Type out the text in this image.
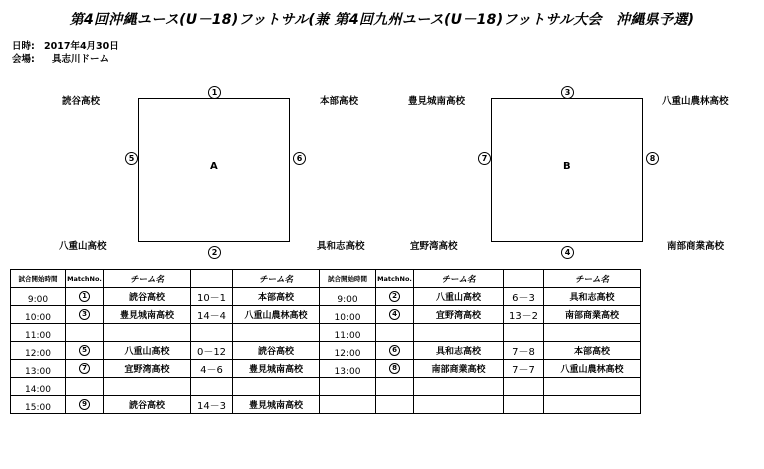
第4回沖縄ユース(U－18)フットサル(兼 第4回九州ユース(U－18)フットサル大会　沖縄県予選)
日時: 2017年4月30日
会場: 具志川ドーム
読谷高校	本部高校
八重山高校	具和志高校
A
1
2
5	6
豊見城南高校	八重山農林高校
宜野湾高校	南部商業高校
B
3
4
7	8
試合開始時間	MatchNo.	チーム名		チーム名	試合開始時間	MatchNo.	チーム名		チーム名
9:00	1	読谷高校	10－1	本部高校	9:00	2	八重山高校	6－3	具和志高校
10:00	3	豊見城南高校	14－4	八重山農林高校	10:00	4	宜野湾高校	13－2	南部商業高校
11:00					11:00				
12:00	5	八重山高校	0－12	読谷高校	12:00	6	具和志高校	7－8	本部高校
13:00	7	宜野湾高校	4－6	豊見城南高校	13:00	8	南部商業高校	7－7	八重山農林高校
14:00									
15:00	9	読谷高校	14－3	豊見城南高校					
